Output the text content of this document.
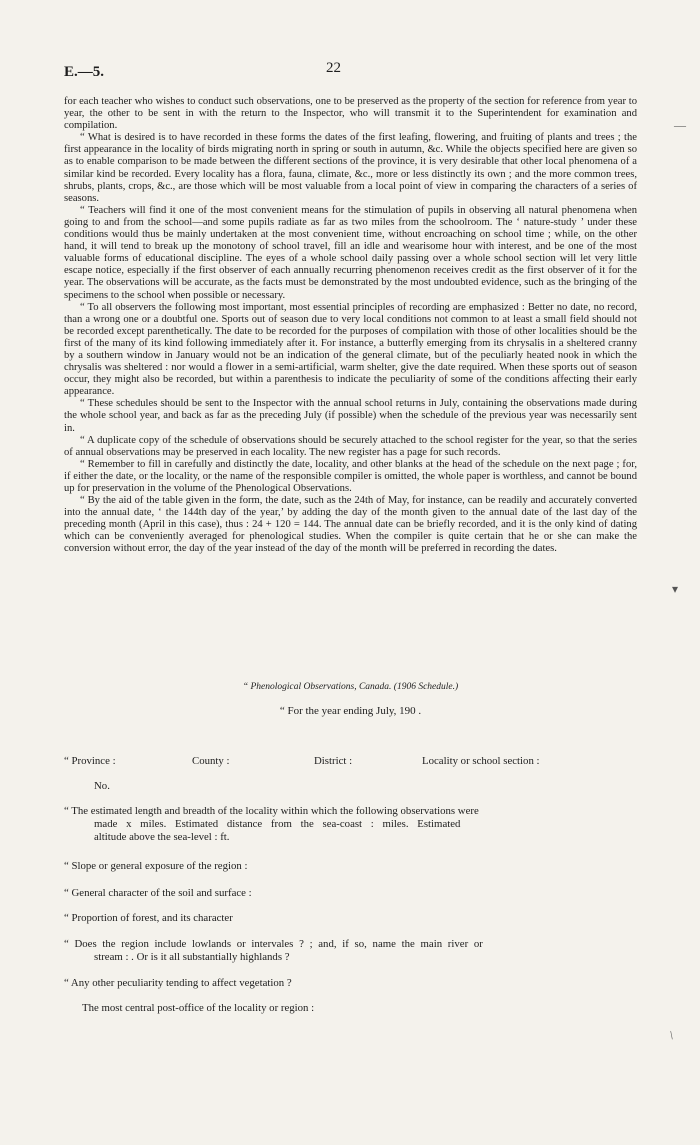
E.—5.	22

for each teacher who wishes to conduct such observations, one to be preserved as the property of the section for reference from year to year, the other to be sent in with the return to the Inspector, who will transmit it to the Superintendent for examination and compilation.

“ What is desired is to have recorded in these forms the dates of the first leafing, flowering, and fruiting of plants and trees ; the first appearance in the locality of birds migrating north in spring or south in autumn, &c. While the objects specified here are given so as to enable comparison to be made between the different sections of the province, it is very desirable that other local phenomena of a similar kind be recorded. Every locality has a flora, fauna, climate, &c., more or less distinctly its own ; and the more common trees, shrubs, plants, crops, &c., are those which will be most valuable from a local point of view in comparing the characters of a series of seasons.

“ Teachers will find it one of the most convenient means for the stimulation of pupils in observing all natural phenomena when going to and from the school—and some pupils radiate as far as two miles from the schoolroom. The ‘ nature-study ’ under these conditions would thus be mainly undertaken at the most convenient time, without encroaching on school time ; while, on the other hand, it will tend to break up the monotony of school travel, fill an idle and wearisome hour with interest, and be one of the most valuable forms of educational discipline. The eyes of a whole school daily passing over a whole school section will let very little escape notice, especially if the first observer of each annually recurring phenomenon receives credit as the first observer of it for the year. The observations will be accurate, as the facts must be demonstrated by the most undoubted evidence, such as the bringing of the specimens to the school when possible or necessary.

“ To all observers the following most important, most essential principles of recording are emphasized : Better no date, no record, than a wrong one or a doubtful one. Sports out of season due to very local conditions not common to at least a small field should not be recorded except parenthetically. The date to be recorded for the purposes of compilation with those of other localities should be the first of the many of its kind following immediately after it. For instance, a butterfly emerging from its chrysalis in a sheltered cranny by a southern window in January would not be an indication of the general climate, but of the peculiarly heated nook in which the chrysalis was sheltered : nor would a flower in a semi-artificial, warm shelter, give the date required. When these sports out of season occur, they might also be recorded, but within a parenthesis to indicate the peculiarity of some of the conditions affecting their early appearance.

“ These schedules should be sent to the Inspector with the annual school returns in July, containing the observations made during the whole school year, and back as far as the preceding July (if possible) when the schedule of the previous year was necessarily sent in.

“ A duplicate copy of the schedule of observations should be securely attached to the school register for the year, so that the series of annual observations may be preserved in each locality. The new register has a page for such records.

“ Remember to fill in carefully and distinctly the date, locality, and other blanks at the head of the schedule on the next page ; for, if either the date, or the locality, or the name of the responsible compiler is omitted, the whole paper is worthless, and cannot be bound up for preservation in the volume of the Phenological Observations.

“ By the aid of the table given in the form, the date, such as the 24th of May, for instance, can be readily and accurately converted into the annual date, ‘ the 144th day of the year,’ by adding the day of the month given to the annual date of the last day of the preceding month (April in this case), thus : 24 + 120 = 144. The annual date can be briefly recorded, and it is the only kind of dating which can be conveniently averaged for phenological studies. When the compiler is quite certain that he or she can make the conversion without error, the day of the year instead of the day of the month will be preferred in recording the dates.

“ Phenological Observations, Canada. (1906 Schedule.)
“ For the year ending July, 190 .
“ Province :	County :	District :	Locality or school section :
No.
“ The estimated length and breadth of the locality within which the following observations were
made x miles. Estimated distance from the sea-coast : miles. Estimated
altitude above the sea-level : ft.
“ Slope or general exposure of the region :
“ General character of the soil and surface :
“ Proportion of forest, and its character
“ Does the region include lowlands or intervales ? ; and, if so, name the main river or
stream : . Or is it all substantially highlands ?
“ Any other peculiarity tending to affect vegetation ?
The most central post-office of the locality or region :
—
▾
/
